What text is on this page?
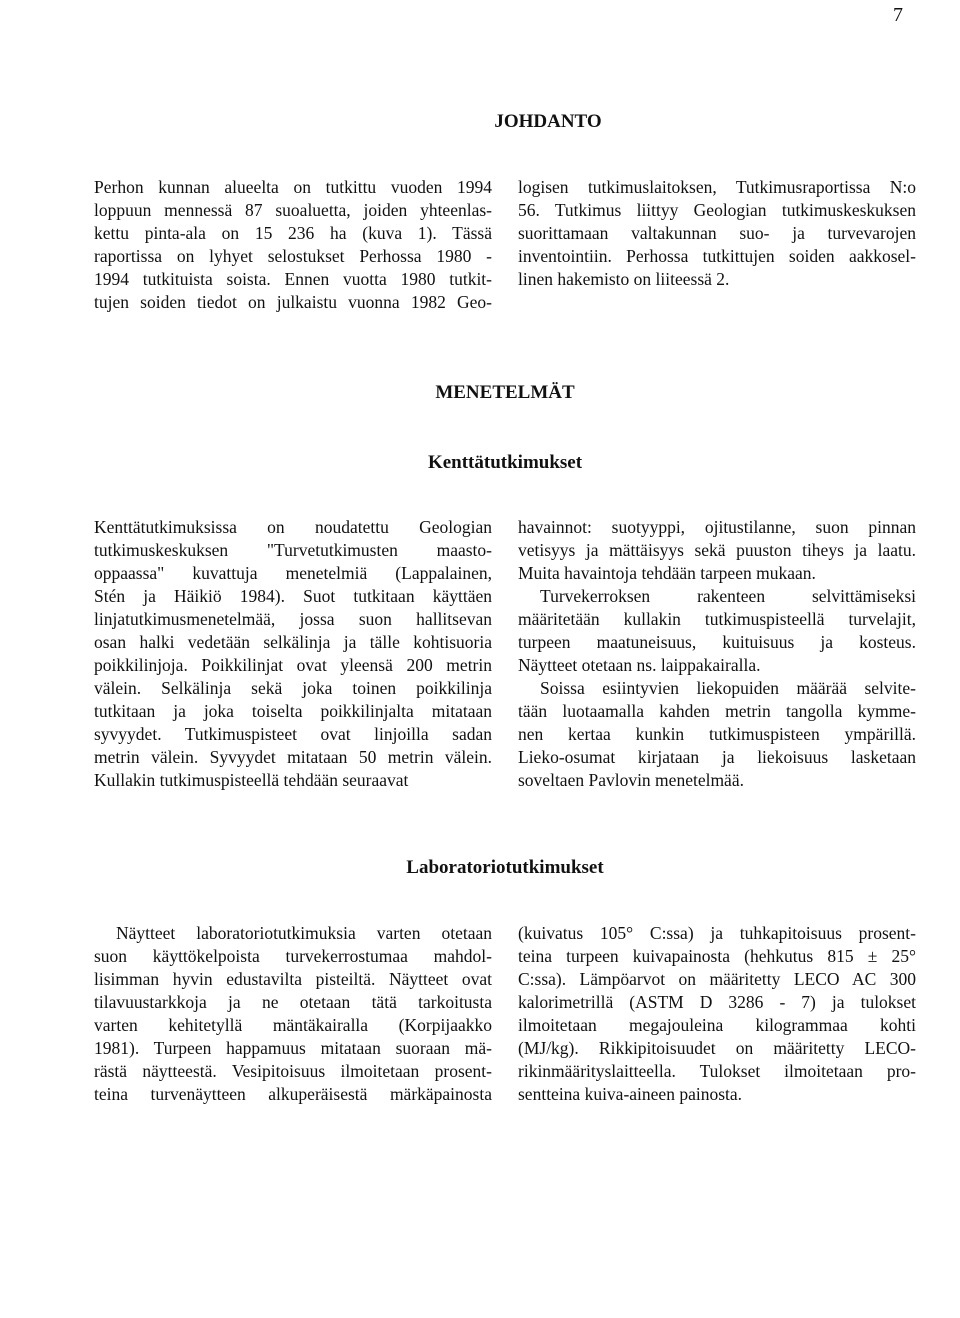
7
JOHDANTO
Perhon kunnan alueelta on tutkittu vuoden 1994
loppuun mennessä 87 suoaluetta, joiden yhteenlas-
kettu pinta-ala on 15 236 ha (kuva 1). Tässä
raportissa on lyhyet selostukset Perhossa 1980 -
1994 tutkituista soista. Ennen vuotta 1980 tutkit-
tujen soiden tiedot on julkaistu vuonna 1982 Geo-
logisen tutkimuslaitoksen, Tutkimusraportissa N:o
56. Tutkimus liittyy Geologian tutkimuskeskuksen
suorittamaan valtakunnan suo- ja turvevarojen
inventointiin. Perhossa tutkittujen soiden aakkosel-
linen hakemisto on liiteessä 2.
MENETELMÄT
Kenttätutkimukset
Kenttätutkimuksissa on noudatettu Geologian
tutkimuskeskuksen "Turvetutkimusten maasto-
oppaassa" kuvattuja menetelmiä (Lappalainen,
Stén ja Häikiö 1984). Suot tutkitaan käyttäen
linjatutkimusmenetelmää, jossa suon hallitsevan
osan halki vedetään selkälinja ja tälle kohtisuoria
poikkilinjoja. Poikkilinjat ovat yleensä 200 metrin
välein. Selkälinja sekä joka toinen poikkilinja
tutkitaan ja joka toiselta poikkilinjalta mitataan
syvyydet. Tutkimuspisteet ovat linjoilla sadan
metrin välein. Syvyydet mitataan 50 metrin välein.
Kullakin tutkimuspisteellä tehdään seuraavat
havainnot: suotyyppi, ojitustilanne, suon pinnan
vetisyys ja mättäisyys sekä puuston tiheys ja laatu.
Muita havaintoja tehdään tarpeen mukaan.
Turvekerroksen rakenteen selvittämiseksi
määritetään kullakin tutkimuspisteellä turvelajit,
turpeen maatuneisuus, kuituisuus ja kosteus.
Näytteet otetaan ns. laippakairalla.
Soissa esiintyvien liekopuiden määrää selvite-
tään luotaamalla kahden metrin tangolla kymme-
nen kertaa kunkin tutkimuspisteen ympärillä.
Lieko-osumat kirjataan ja liekoisuus lasketaan
soveltaen Pavlovin menetelmää.
Laboratoriotutkimukset
Näytteet laboratoriotutkimuksia varten otetaan
suon käyttökelpoista turvekerrostumaa mahdol-
lisimman hyvin edustavilta pisteiltä. Näytteet ovat
tilavuustarkkoja ja ne otetaan tätä tarkoitusta
varten kehitetyllä mäntäkairalla (Korpijaakko
1981). Turpeen happamuus mitataan suoraan mä-
rästä näytteestä. Vesipitoisuus ilmoitetaan prosent-
teina turvenäytteen alkuperäisestä märkäpainosta
(kuivatus 105° C:ssa) ja tuhkapitoisuus prosent-
teina turpeen kuivapainosta (hehkutus 815 ± 25°
C:ssa). Lämpöarvot on määritetty LECO AC 300
kalorimetrillä (ASTM D 3286 - 7) ja tulokset
ilmoitetaan megajouleina kilogrammaa kohti
(MJ/kg). Rikkipitoisuudet on määritetty LECO-
rikinmäärityslaitteella. Tulokset ilmoitetaan pro-
sentteina kuiva-aineen painosta.
